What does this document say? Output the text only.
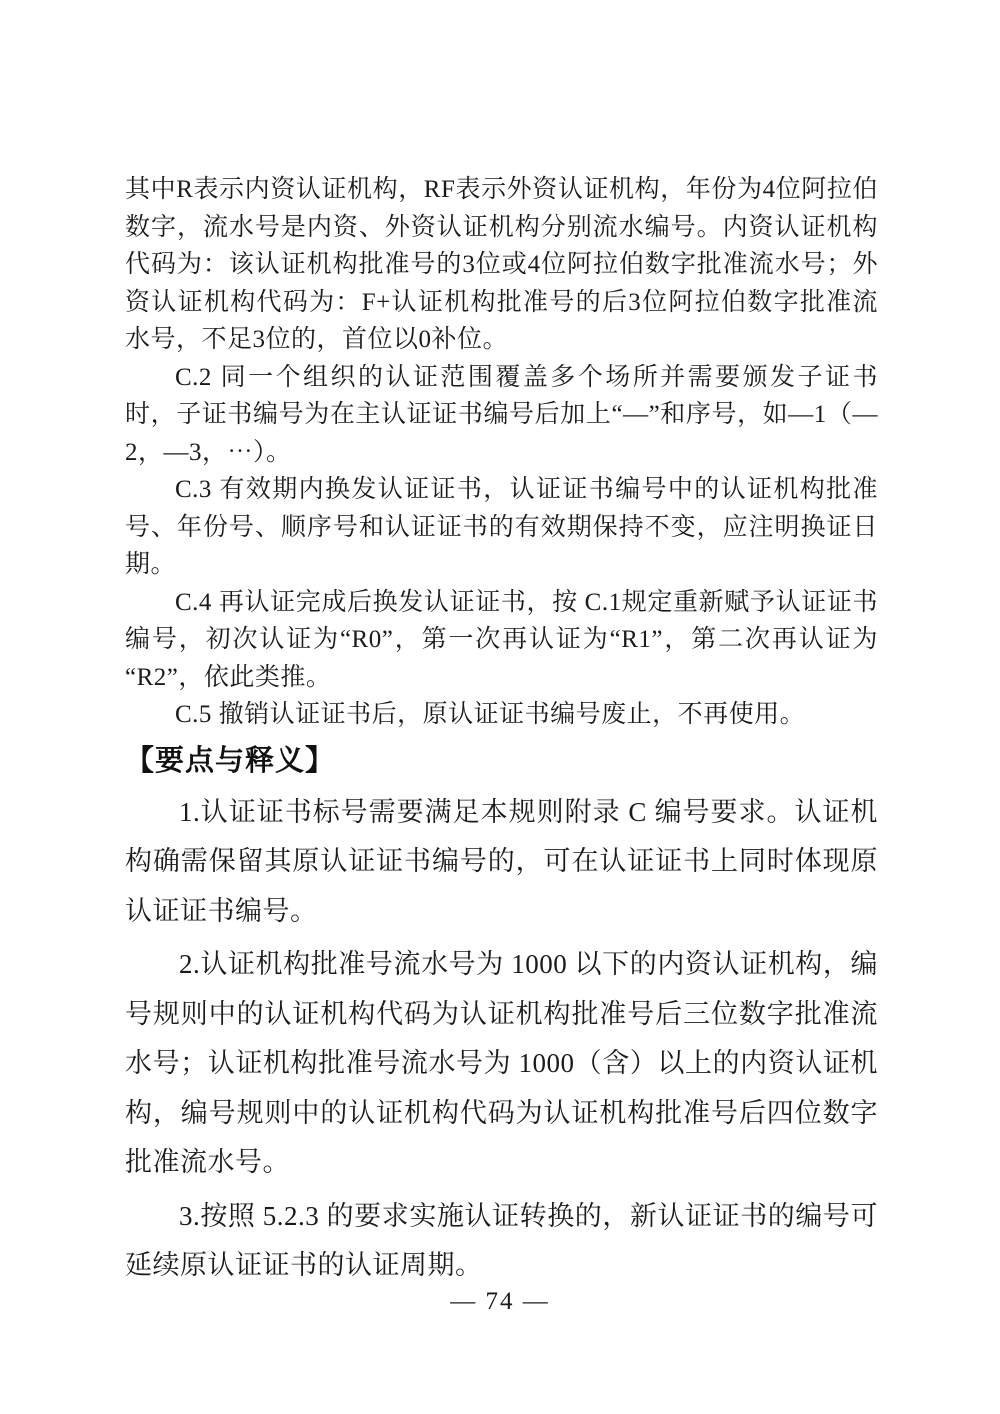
其中R表示内资认证机构，RF表示外资认证机构，年份为4位阿拉伯数字，流水号是内资、外资认证机构分别流水编号。内资认证机构代码为：该认证机构批准号的3位或4位阿拉伯数字批准流水号；外资认证机构代码为：F+认证机构批准号的后3位阿拉伯数字批准流水号，不足3位的，首位以0补位。

C.2 同一个组织的认证范围覆盖多个场所并需要颁发子证书时，子证书编号为在主认证证书编号后加上“—”和序号，如—1（—2，—3，⋯）。

C.3 有效期内换发认证证书，认证证书编号中的认证机构批准号、年份号、顺序号和认证证书的有效期保持不变，应注明换证日期。

C.4 再认证完成后换发认证证书，按 C.1规定重新赋予认证证书编号，初次认证为“R0”，第一次再认证为“R1”，第二次再认证为“R2”，依此类推。

C.5 撤销认证证书后，原认证证书编号废止，不再使用。

【要点与释义】

1.认证证书标号需要满足本规则附录 C 编号要求。认证机构确需保留其原认证证书编号的，可在认证证书上同时体现原认证证书编号。

2.认证机构批准号流水号为 1000 以下的内资认证机构，编号规则中的认证机构代码为认证机构批准号后三位数字批准流水号；认证机构批准号流水号为 1000（含）以上的内资认证机构，编号规则中的认证机构代码为认证机构批准号后四位数字批准流水号。

3.按照 5.2.3 的要求实施认证转换的，新认证证书的编号可延续原认证证书的认证周期。

— 74 —
